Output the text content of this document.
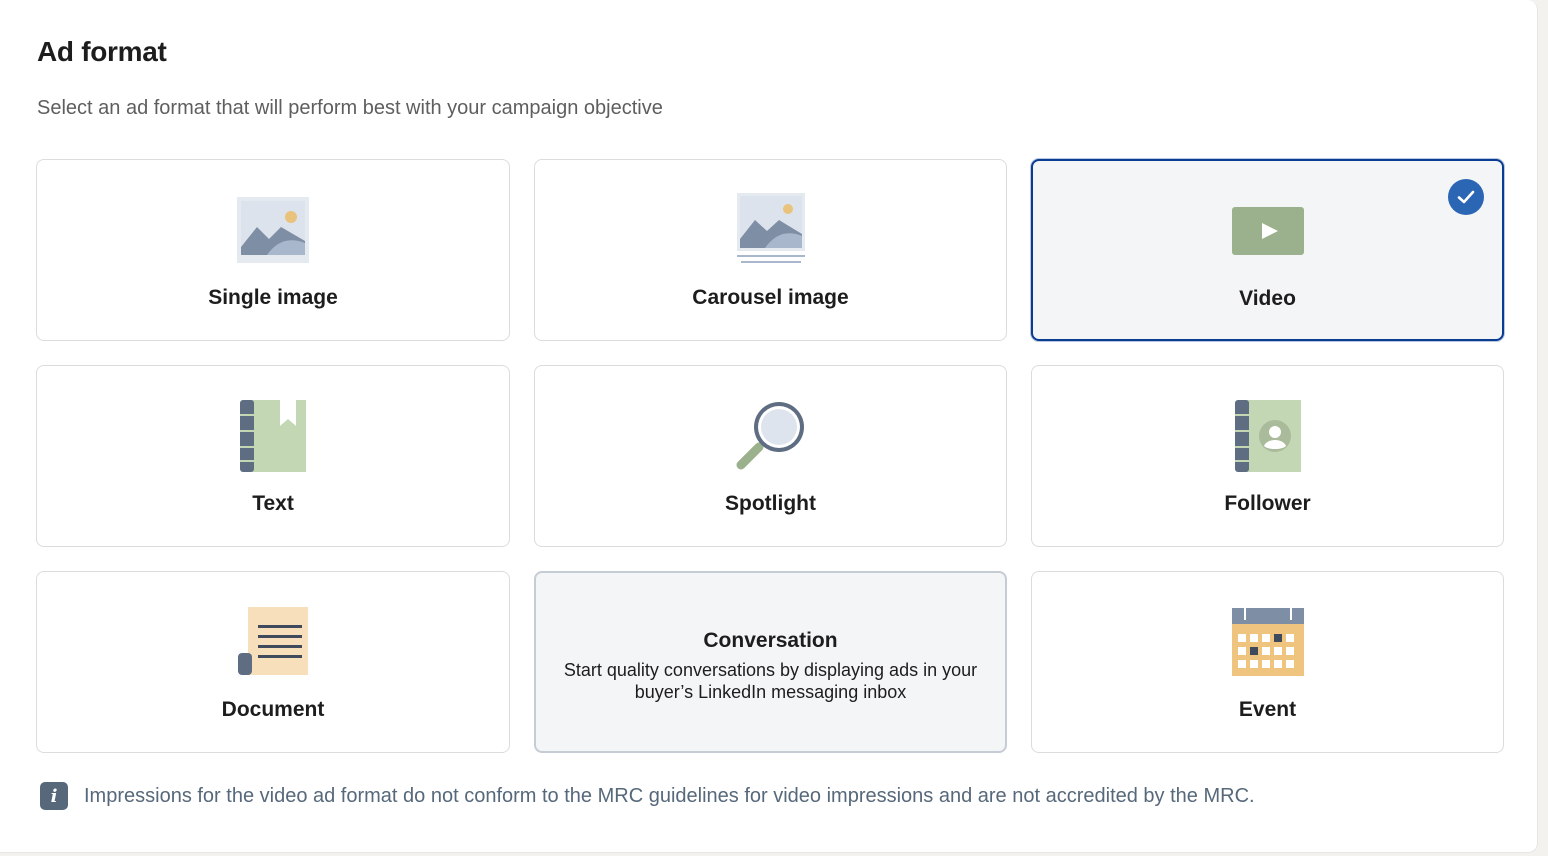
Ad format
Select an ad format that will perform best with your campaign objective
Single image	Carousel image	Video
Text	Spotlight	Follower
Document
Conversation
Start quality conversations by displaying ads in your buyer’s LinkedIn messaging inbox
Event
i	Impressions for the video ad format do not conform to the MRC guidelines for video impressions and are not accredited by the MRC.
